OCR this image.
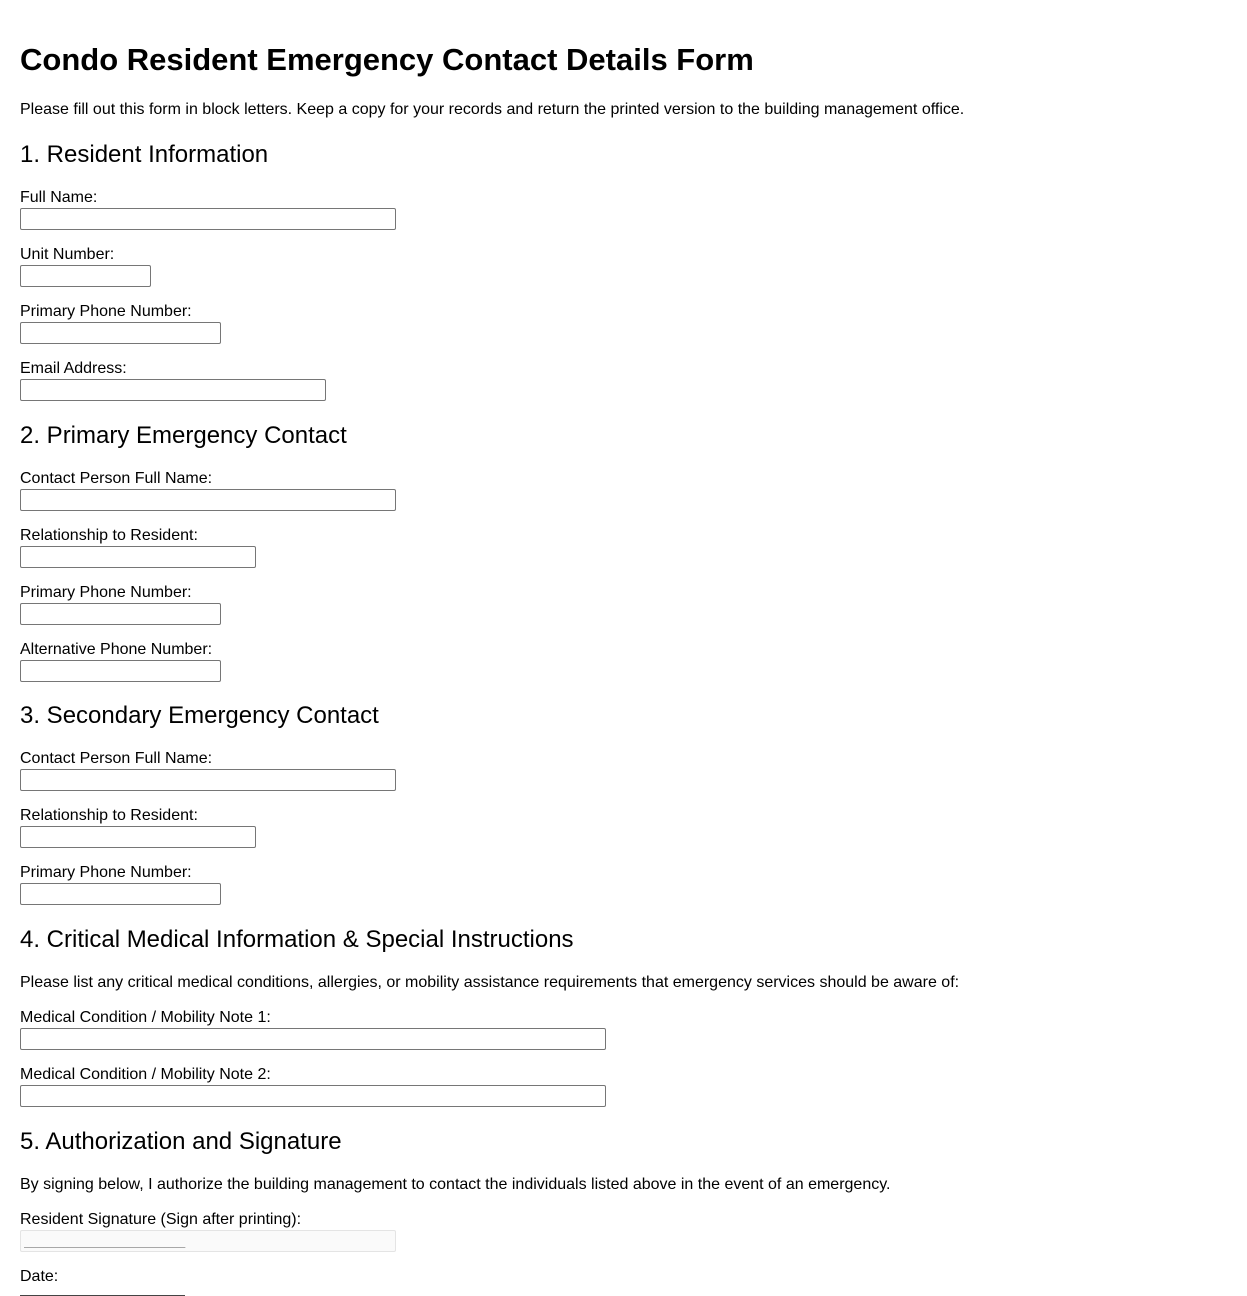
Condo Resident Emergency Contact Details Form

Please fill out this form in block letters. Keep a copy for your records and return the printed version to the building management office.

1. Resident Information
Full Name:
Unit Number:
Primary Phone Number:
Email Address:
2. Primary Emergency Contact
Contact Person Full Name:
Relationship to Resident:
Primary Phone Number:
Alternative Phone Number:
3. Secondary Emergency Contact
Contact Person Full Name:
Relationship to Resident:
Primary Phone Number:
4. Critical Medical Information & Special Instructions

Please list any critical medical conditions, allergies, or mobility assistance requirements that emergency services should be aware of:

Medical Condition / Mobility Note 1:
Medical Condition / Mobility Note 2:
5. Authorization and Signature

By signing below, I authorize the building management to contact the individuals listed above in the event of an emergency.

Resident Signature (Sign after printing):
________________________________________
Date:
